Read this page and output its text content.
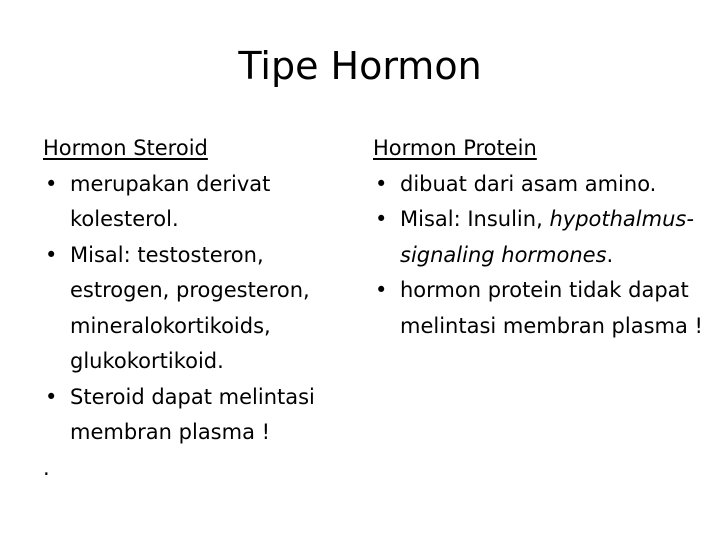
Tipe Hormon
Hormon Steroid
• merupakan derivat kolesterol.
• Misal: testosteron, estrogen, progesteron, mineralokortikoids, glukokortikoid.
• Steroid dapat melintasi membran plasma !
.
Hormon Protein
• dibuat dari asam amino.
• Misal: Insulin, hypothalmus-signaling hormones.
• hormon protein tidak dapat melintasi membran plasma !
